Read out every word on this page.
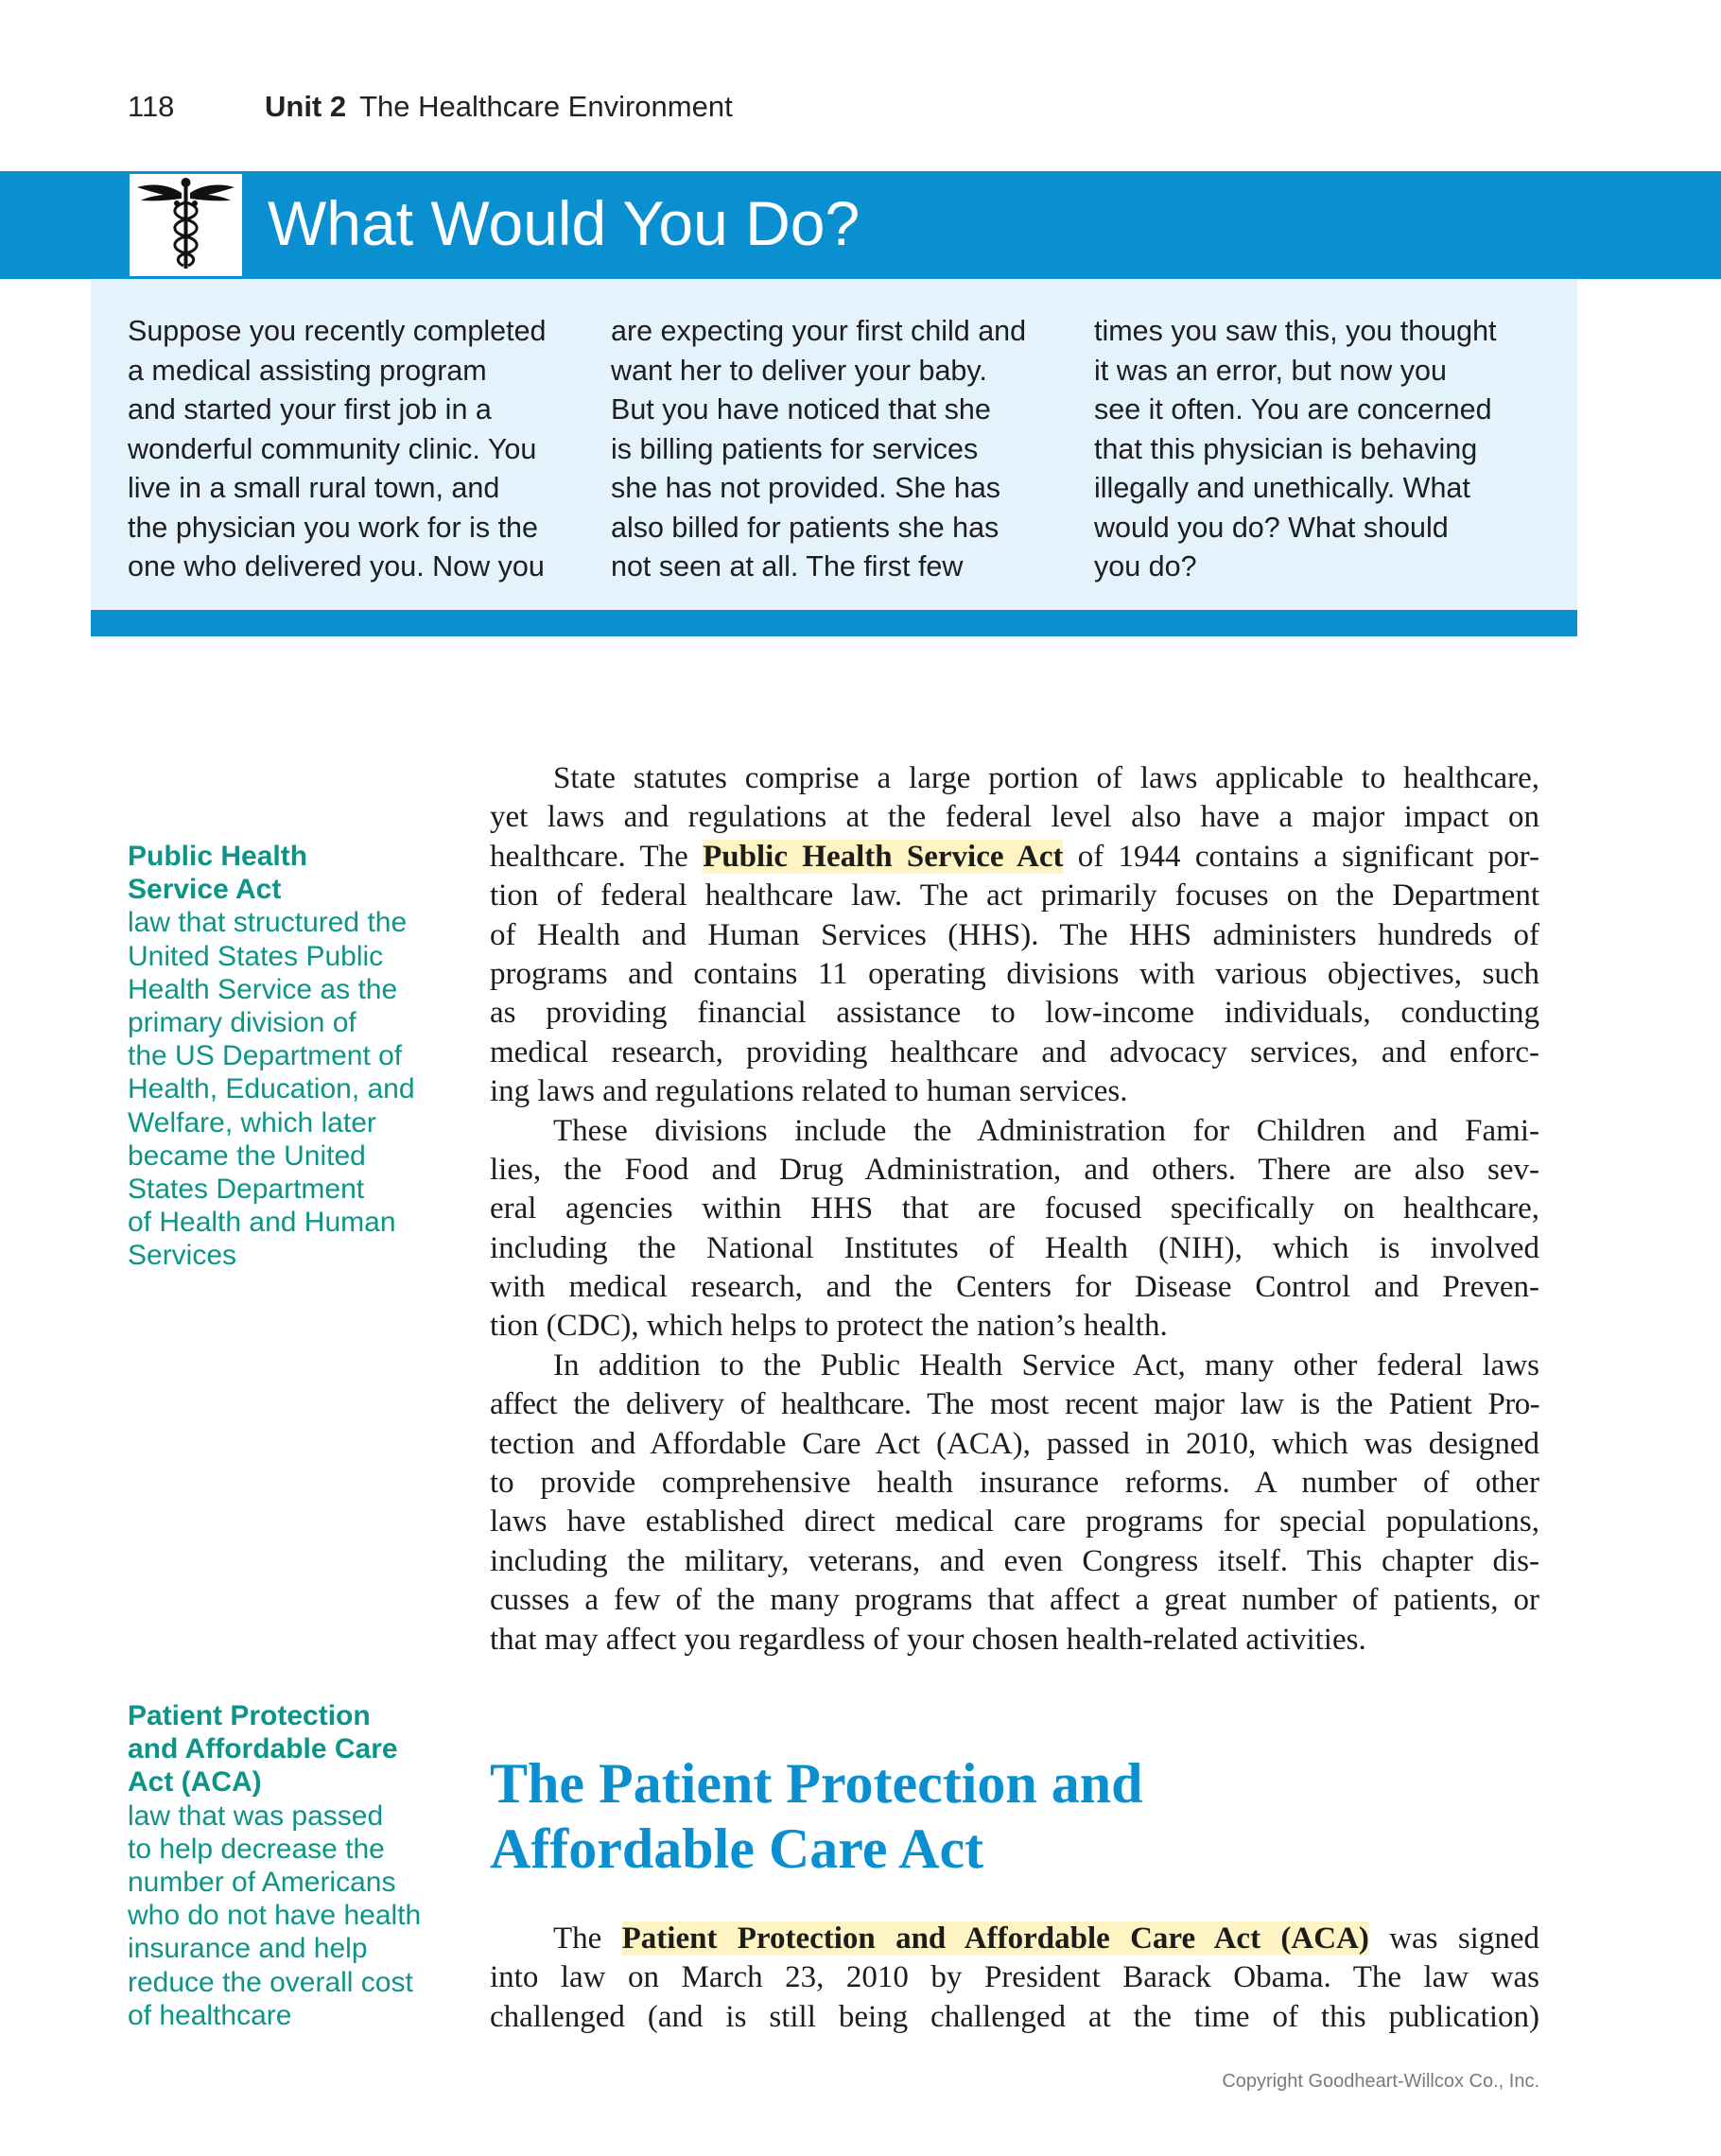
118	Unit 2 The Healthcare Environment
What Would You Do?
Suppose you recently completed
a medical assisting program
and started your first job in a
wonderful community clinic. You
live in a small rural town, and
the physician you work for is the
one who delivered you. Now you
are expecting your first child and
want her to deliver your baby.
But you have noticed that she
is billing patients for services
she has not provided. She has
also billed for patients she has
not seen at all. The first few
times you saw this, you thought
it was an error, but now you
see it often. You are concerned
that this physician is behaving
illegally and unethically. What
would you do? What should
you do?
Public Health
Service Act
law that structured the
United States Public
Health Service as the
primary division of
the US Department of
Health, Education, and
Welfare, which later
became the United
States Department
of Health and Human
Services
Patient Protection
and Affordable Care
Act (ACA)
law that was passed
to help decrease the
number of Americans
who do not have health
insurance and help
reduce the overall cost
of healthcare
State statutes comprise a large portion of laws applicable to healthcare,
yet laws and regulations at the federal level also have a major impact on
healthcare. The Public Health Service Act of 1944 contains a significant por-
tion of federal healthcare law. The act primarily focuses on the Department
of Health and Human Services (HHS). The HHS administers hundreds of
programs and contains 11 operating divisions with various objectives, such
as providing financial assistance to low-income individuals, conducting
medical research, providing healthcare and advocacy services, and enforc-
ing laws and regulations related to human services.
These divisions include the Administration for Children and Fami-
lies, the Food and Drug Administration, and others. There are also sev-
eral agencies within HHS that are focused specifically on healthcare,
including the National Institutes of Health (NIH), which is involved
with medical research, and the Centers for Disease Control and Preven-
tion (CDC), which helps to protect the nation’s health.
In addition to the Public Health Service Act, many other federal laws
affect the delivery of healthcare. The most recent major law is the Patient Pro-
tection and Affordable Care Act (ACA), passed in 2010, which was designed
to provide comprehensive health insurance reforms. A number of other
laws have established direct medical care programs for special populations,
including the military, veterans, and even Congress itself. This chapter dis-
cusses a few of the many programs that affect a great number of patients, or
that may affect you regardless of your chosen health-related activities.
The Patient Protection and
Affordable Care Act
The Patient Protection and Affordable Care Act (ACA) was signed
into law on March 23, 2010 by President Barack Obama. The law was
challenged (and is still being challenged at the time of this publication)
Copyright Goodheart-Willcox Co., Inc.
